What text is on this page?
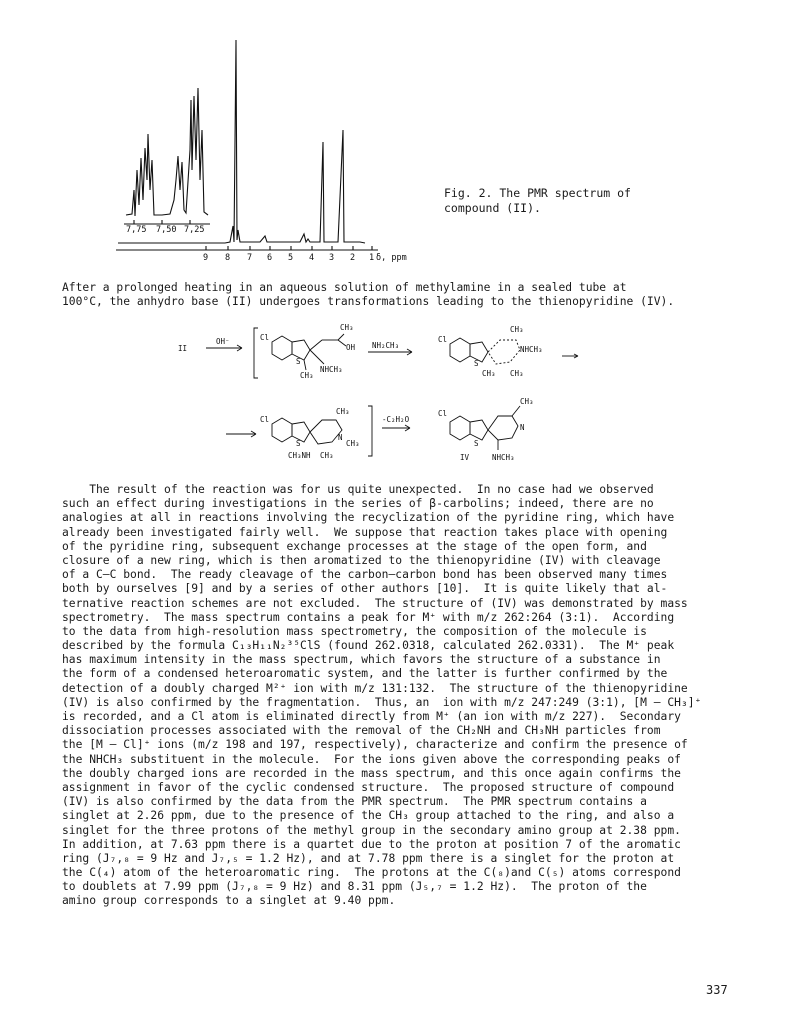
7,75 7,50 7,25
9 8 7 6 5 4 3 2 1 δ, ppm
Fig. 2. The PMR spectrum of
compound (II).
After a prolonged heating in an aqueous solution of methylamine in a sealed tube at
100°C, the anhydro base (II) undergoes transformations leading to the thienopyridine (IV).
II
OH⁻	Cl
CH₃
OH
S
CH₃
NHCH₃
NH₂CH₃
Cl
CH₃
NHCH₃
S
CH₃ CH₃
Cl
CH₃
N
CH₃
S
CH₃NH CH₃
-C₂H₂O
Cl
CH₃
N
S
NHCH₃
IV
The result of the reaction was for us quite unexpected.  In no case had we observed
such an effect during investigations in the series of β-carbolins; indeed, there are no
analogies at all in reactions involving the recyclization of the pyridine ring, which have
already been investigated fairly well.  We suppose that reaction takes place with opening
of the pyridine ring, subsequent exchange processes at the stage of the open form, and
closure of a new ring, which is then aromatized to the thienopyridine (IV) with cleavage
of a C—C bond.  The ready cleavage of the carbon—carbon bond has been observed many times
both by ourselves [9] and by a series of other authors [10].  It is quite likely that al-
ternative reaction schemes are not excluded.  The structure of (IV) was demonstrated by mass
spectrometry.  The mass spectrum contains a peak for M⁺ with m/z 262:264 (3:1).  According
to the data from high-resolution mass spectrometry, the composition of the molecule is
described by the formula C₁₃H₁₁N₂³⁵ClS (found 262.0318, calculated 262.0331).  The M⁺ peak
has maximum intensity in the mass spectrum, which favors the structure of a substance in
the form of a condensed heteroaromatic system, and the latter is further confirmed by the
detection of a doubly charged M²⁺ ion with m/z 131:132.  The structure of the thienopyridine
(IV) is also confirmed by the fragmentation.  Thus, an  ion with m/z 247:249 (3:1), [M — CH₃]⁺
is recorded, and a Cl atom is eliminated directly from M⁺ (an ion with m/z 227).  Secondary
dissociation processes associated with the removal of the CH₂NH and CH₃NH particles from
the [M — Cl]⁺ ions (m/z 198 and 197, respectively), characterize and confirm the presence of
the NHCH₃ substituent in the molecule.  For the ions given above the corresponding peaks of
the doubly charged ions are recorded in the mass spectrum, and this once again confirms the
assignment in favor of the cyclic condensed structure.  The proposed structure of compound
(IV) is also confirmed by the data from the PMR spectrum.  The PMR spectrum contains a
singlet at 2.26 ppm, due to the presence of the CH₃ group attached to the ring, and also a
singlet for the three protons of the methyl group in the secondary amino group at 2.38 ppm.
In addition, at 7.63 ppm there is a quartet due to the proton at position 7 of the aromatic
ring (J₇,₈ = 9 Hz and J₇,₅ = 1.2 Hz), and at 7.78 ppm there is a singlet for the proton at
the C(₄) atom of the heteroaromatic ring.  The protons at the C(₈)and C(₅) atoms correspond
to doublets at 7.99 ppm (J₇,₈ = 9 Hz) and 8.31 ppm (J₅,₇ = 1.2 Hz).  The proton of the
amino group corresponds to a singlet at 9.40 ppm.
337
